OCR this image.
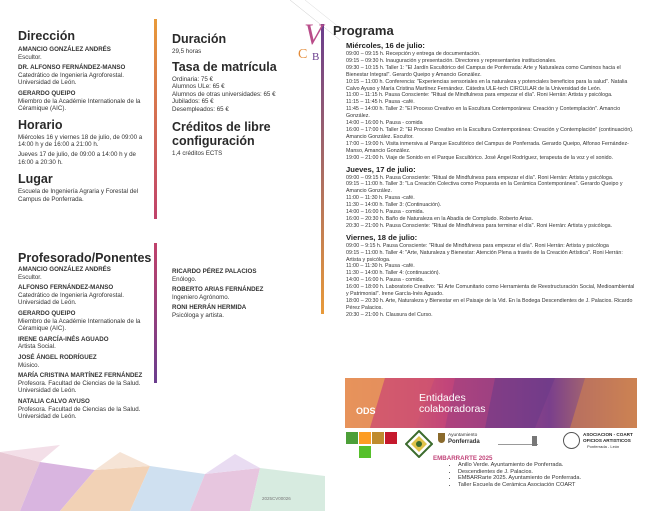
Dirección
AMANCIO GONZÁLEZ ANDRÉS
Escultor.
DR. ALFONSO FERNÁNDEZ-MANSO
Catedrático de Ingeniería Agroforestal. Universidad de León.
GERARDO QUEIPO
Miembro de la Académie Internationale de la Céramique (AIC).
Horario
Miércoles 16 y viernes 18 de julio, de 09:00 a 14:00 h y de 16:00 a 21:00 h.
Jueves 17 de julio, de 09:00 a 14:00 h y de 16:00 a 20:30 h.
Lugar
Escuela de Ingeniería Agraria y Forestal del Campus de Ponferrada.
Duración
29,5 horas
Tasa de matrícula
Ordinaria: 75 €
Alumnos ULe: 65 €
Alumnos de otras universidades: 65 €
Jubilados: 65 €
Desempleados: 65 €
Créditos de libre configuración
1,4 créditos ECTS
Profesorado/Ponentes
AMANCIO GONZÁLEZ ANDRÉS
Escultor.
ALFONSO FERNÁNDEZ-MANSO
Catedrático de Ingeniería Agroforestal. Universidad de León.
GERARDO QUEIPO
Miembro de la Académie Internationale de la Céramique (AIC).
IRENE GARCÍA-INÉS AGUADO
Artista Social.
JOSÉ ÁNGEL RODRÍGUEZ
Músico.
MARÍA CRISTINA MARTÍNEZ FERNÁNDEZ
Profesora. Facultad de Ciencias de la Salud. Universidad de León.
NATALIA CALVO AYUSO
Profesora. Facultad de Ciencias de la Salud. Universidad de León.
RICARDO PÉREZ PALACIOS
Enólogo.
ROBERTO ARIAS FERNÁNDEZ
Ingeniero Agrónomo.
RONI HERRÁN HERMIDA
Psicóloga y artista.
2025CV00026
V
C B
Programa
Miércoles, 16 de julio:
09:00 – 09:15 h. Recepción y entrega de documentación.
09:15 – 09:30 h. Inauguración y presentación. Directores y representantes institucionales.
09:30 – 10:15 h. Taller 1: "El Jardín Escultórico del Campus de Ponferrada: Arte y Naturaleza como Caminos hacia el Bienestar Integral". Gerardo Queipo y Amancio González.
10:15 – 11:00 h. Conferencia: "Experiencias sensoriales en la naturaleza y potenciales beneficios para la salud". Natalia Calvo Ayuso y María Cristina Martínez Fernández. Cátedra ULE-tech CIRCULAR de la Universidad de León.
11:00 – 11:15 h. Pausa Consciente: "Ritual de Mindfulness para empezar el día". Roni Herrán: Artista y psicóloga.
11:15 – 11:45 h. Pausa -café.
11:45 – 14:00 h. Taller 2: "El Proceso Creativo en la Escultura Contemporánea: Creación y Contemplación". Amancio González.
14:00 – 16:00 h. Pausa - comida
16:00 – 17:00 h. Taller 2: "El Proceso Creativo en la Escultura Contemporánea: Creación y Contemplación" (continuación). Amancio González. Escultor.
17:00 – 19:00 h. Visita inmersiva al Parque Escultórico del Campus de Ponferrada. Gerardo Queipo, Alfonso Fernández-Manso, Amancio González.
19:00 – 21:00 h. Viaje de Sonido en el Parque Escultórico. José Ángel Rodríguez, terapeuta de la voz y el sonido.
Jueves, 17 de julio:
09:00 – 09:15 h. Pausa Consciente: "Ritual de Mindfulness para empezar el día". Roni Herrán: Artista y psicóloga.
09:15 – 11:00 h. Taller 3: "La Creación Colectiva como Propuesta en la Cerámica Contemporánea". Gerardo Queipo y Amancio González.
11:00 – 11:30 h. Pausa -café.
11:30 – 14:00 h. Taller 3: (Continuación).
14:00 – 16:00 h. Pausa - comida.
16:00 – 20:30 h. Baño de Naturaleza en la Abadía de Compludo. Roberto Arias.
20:30 – 21:00 h. Pausa Consciente: "Ritual de Mindfulness para terminar el día". Roni Herrán: Artista y psicóloga.
Viernes, 18 de julio:
09:00 – 9:15 h. Pausa Consciente: "Ritual de Mindfulness para empezar el día". Roni Herrán: Artista y psicóloga
09:15 – 11:00 h. Taller 4: "Arte, Naturaleza y Bienestar: Atención Plena a través de la Creación Artística". Roni Herrán: Artista y psicóloga.
11:00 – 11:30 h. Pausa -café.
11:30 – 14:00 h. Taller 4: (continuación).
14:00 – 16:00 h. Pausa - comida.
16:00 – 18:00 h. Laboratorio Creativo: "El Arte Comunitario como Herramienta de Reestructuración Social, Medioambiental y Patrimonial". Irene García-Inés Aguado.
18:00 – 20:30 h. Arte, Naturaleza y Bienestar en el Paisaje de la Vid. En la Bodega Descendientes de J. Palacios. Ricardo Pérez Palacios.
20:30 – 21:00 h. Clausura del Curso.
ODS
Entidades colaboradoras
Ayuntamiento
Ponferrada
EMBARRARTE 2025
ASOCIACION - COART
OFICIOS ARTISTICOS
Ponferrada - León
• Anillo Verde. Ayuntamiento de Ponferrada.
• Descendientes de J. Palacios.
• EMBARRarte 2025. Ayuntamiento de Ponferrada.
• Taller Escuela de Cerámica Asociación COART
